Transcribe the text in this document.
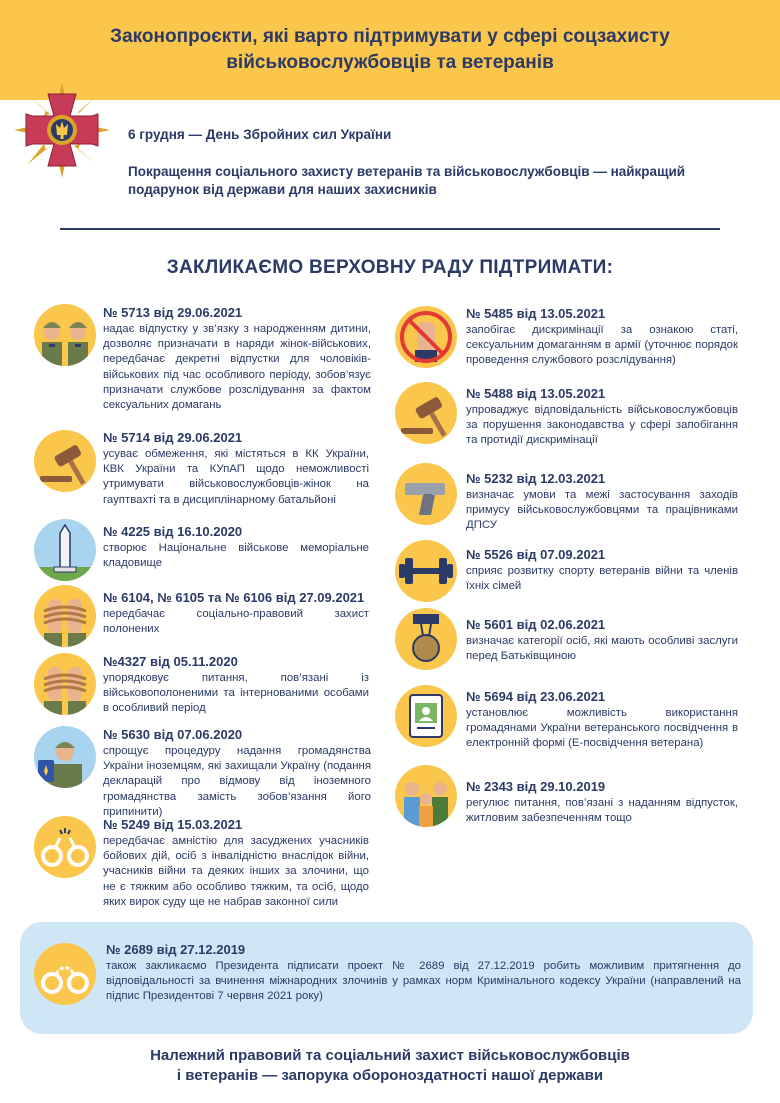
Законопроєкти, які варто підтримувати у сфері соцзахисту
військовослужбовців та ветеранів
6 грудня — День Збройних сил України
Покращення соціального захисту ветеранів та військовослужбовців — найкращий подарунок від держави для наших захисників
ЗАКЛИКАЄМО ВЕРХОВНУ РАДУ ПІДТРИМАТИ:
№ 5713 від 29.06.2021
надає відпустку у зв’язку з народженням дитини, дозволяє призначати в наряди жінок-військових, передбачає декретні відпустки для чоловіків-військових під час особливого періоду, зобов’язує призначати службове розслідування за фактом сексуальних домагань
№ 5714 від 29.06.2021
усуває обмеження, які містяться в КК України, КВК України та КУпАП щодо неможливості утримувати військовослужбовців-жінок на гауптвахті та в дисциплінарному батальйоні
№ 4225 від 16.10.2020
створює Національне військове меморіальне кладовище
№ 6104, № 6105 та № 6106 від 27.09.2021
передбачає соціально-правовий захист полонених
№4327 від 05.11.2020
упорядковує питання, пов’язані із військовополоненими та інтернованими особами в особливий період
№ 5630 від 07.06.2020
спрощує процедуру надання громадянства України іноземцям, які захищали Україну (подання декларацій про відмову від іноземного громадянства замість зобов’язання його припинити)
№ 5249 від 15.03.2021
передбачає амністію для засуджених учасників бойових дій, осіб з інвалідністю внаслідок війни, учасників війни та деяких інших за злочини, що не є тяжким або особливо тяжким, та осіб, щодо яких вирок суду ще не набрав законної сили
№ 5485 від 13.05.2021
запобігає дискримінації за ознакою статі, сексуальним домаганням в армії (уточнює порядок проведення службового розслідування)
№ 5488 від 13.05.2021
упроваджує відповідальність військовослужбовців за порушення законодавства у сфері запобігання та протидії дискримінації
№ 5232 від 12.03.2021
визначає умови та межі застосування заходів примусу військовослужбовцями та працівниками ДПСУ
№ 5526 від 07.09.2021
сприяє розвитку спорту ветеранів війни та членів їхніх сімей
№ 5601 від 02.06.2021
визначає категорії осіб, які мають особливі заслуги перед Батьківщиною
№ 5694 від 23.06.2021
установлює можливість використання громадянами України ветеранського посвідчення в електронній формі (Е-посвідчення ветерана)
№ 2343 від 29.10.2019
регулює питання, пов’язані з наданням відпусток, житловим забезпеченням тощо
№ 2689 від 27.12.2019
також закликаємо Президента підписати проект № 2689 від 27.12.2019 робить можливим притягнення до відповідальності за вчинення міжнародних злочинів у рамках норм Кримінального кодексу України (направлений на підпис Президентові 7 червня 2021 року)
Належний правовий та соціальний захист військовослужбовців
і ветеранів — запорука обороноздатності нашої держави
